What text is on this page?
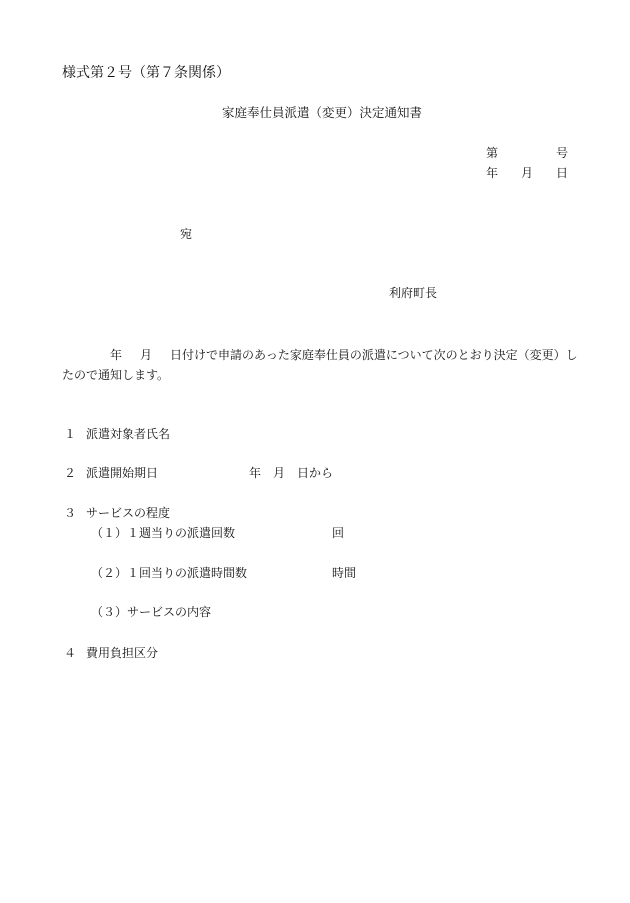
様式第２号（第７条関係）
家庭奉仕員派遣（変更）決定通知書
第	号
年 月 日
宛
利府町長
年 月 日付けで申請のあった家庭奉仕員の派遣について次のとおり決定（変更）し
たので通知します。
１ 派遣対象者氏名
２ 派遣開始期日	年 月 日から
３ サービスの程度
（１）１週当りの派遣回数	回
（２）１回当りの派遣時間数	時間
（３）サービスの内容
４ 費用負担区分
